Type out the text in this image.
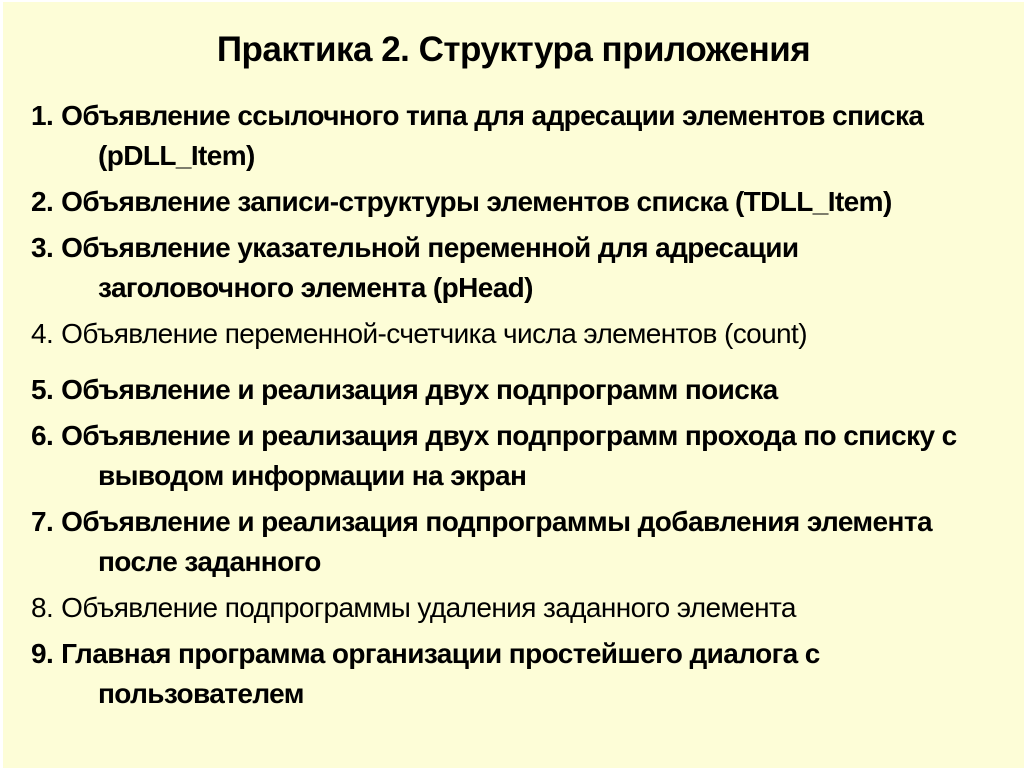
Практика 2. Структура приложения
1. Объявление ссылочного типа для адресации элементов списка (pDLL_Item)
2. Объявление записи-структуры элементов списка (TDLL_Item)
3. Объявление указательной переменной для адресации заголовочного элемента (pHead)
4. Объявление переменной-счетчика числа элементов (count)
5. Объявление и реализация двух подпрограмм поиска
6. Объявление и реализация двух подпрограмм прохода по списку с выводом информации на экран
7. Объявление и реализация подпрограммы добавления элемента после заданного
8. Объявление подпрограммы удаления заданного элемента
9. Главная программа организации простейшего диалога с пользователем
